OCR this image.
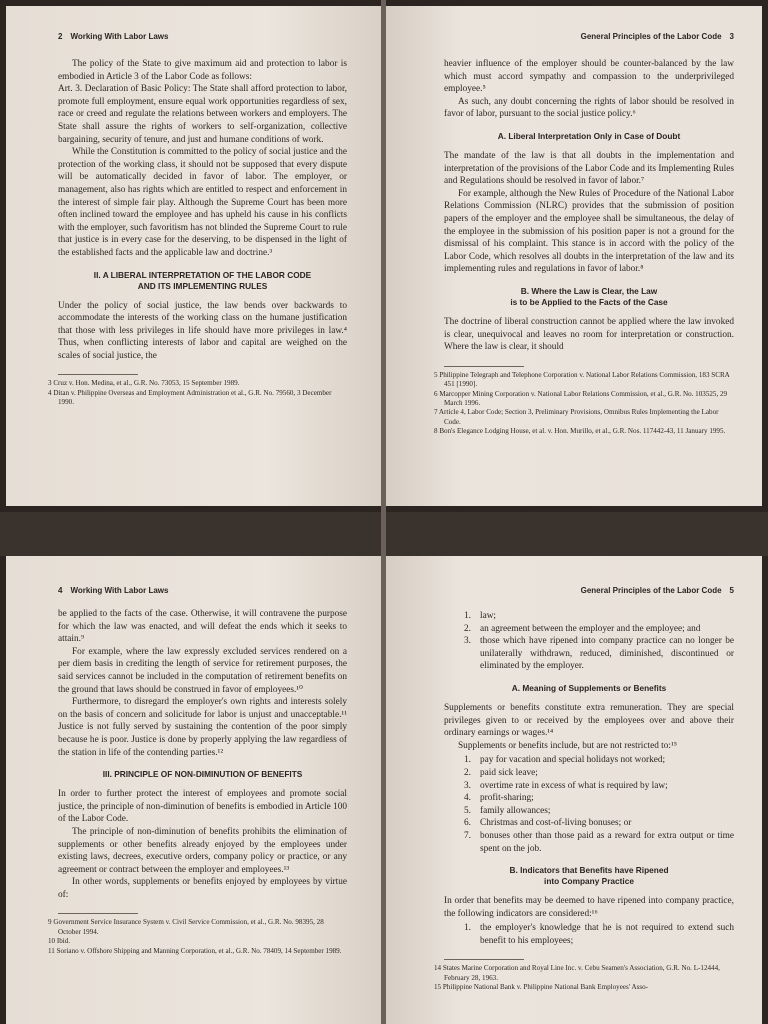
2 Working With Labor Laws

The policy of the State to give maximum aid and protection to labor is embodied in Article 3 of the Labor Code as follows:

Art. 3. Declaration of Basic Policy: The State shall afford protection to labor, promote full employment, ensure equal work opportunities regardless of sex, race or creed and regulate the relations between workers and employers. The State shall assure the rights of workers to self-organization, collective bargaining, security of tenure, and just and humane conditions of work.

While the Constitution is committed to the policy of social justice and the protection of the working class, it should not be supposed that every dispute will be automatically decided in favor of labor. The employer, or management, also has rights which are entitled to respect and enforcement in the interest of simple fair play. Although the Supreme Court has been more often inclined toward the employee and has upheld his cause in his conflicts with the employer, such favoritism has not blinded the Supreme Court to rule that justice is in every case for the deserving, to be dispensed in the light of the established facts and the applicable law and doctrine.³

II. A LIBERAL INTERPRETATION OF THE LABOR CODE
AND ITS IMPLEMENTING RULES

Under the policy of social justice, the law bends over backwards to accommodate the interests of the working class on the humane justification that those with less privileges in life should have more privileges in law.⁴ Thus, when conflicting interests of labor and capital are weighed on the scales of social justice, the

3 Cruz v. Hon. Medina, et al., G.R. No. 73053, 15 September 1989.

4 Ditan v. Philippine Overseas and Employment Administration et al., G.R. No. 79560, 3 December 1990.

General Principles of the Labor Code 3

heavier influence of the employer should be counter-balanced by the law which must accord sympathy and compassion to the underprivileged employee.⁵

As such, any doubt concerning the rights of labor should be resolved in favor of labor, pursuant to the social justice policy.⁶

A. Liberal Interpretation Only in Case of Doubt

The mandate of the law is that all doubts in the implementation and interpretation of the provisions of the Labor Code and its Implementing Rules and Regulations should be resolved in favor of labor.⁷

For example, although the New Rules of Procedure of the National Labor Relations Commission (NLRC) provides that the submission of position papers of the employer and the employee shall be simultaneous, the delay of the employee in the submission of his position paper is not a ground for the dismissal of his complaint. This stance is in accord with the policy of the Labor Code, which resolves all doubts in the interpretation of the law and its implementing rules and regulations in favor of labor.⁸

B. Where the Law is Clear, the Law
is to be Applied to the Facts of the Case

The doctrine of liberal construction cannot be applied where the law invoked is clear, unequivocal and leaves no room for interpretation or construction. Where the law is clear, it should

5 Philippine Telegraph and Telephone Corporation v. National Labor Relations Commission, 183 SCRA 451 [1990].

6 Marcopper Mining Corporation v. National Labor Relations Commission, et al., G.R. No. 103525, 29 March 1996.

7 Article 4, Labor Code; Section 3, Preliminary Provisions, Omnibus Rules Implementing the Labor Code.

8 Bon's Elegance Lodging House, et al. v. Hon. Murillo, et al., G.R. Nos. 117442-43, 11 January 1995.

4 Working With Labor Laws

be applied to the facts of the case. Otherwise, it will contravene the purpose for which the law was enacted, and will defeat the ends which it seeks to attain.⁹

For example, where the law expressly excluded services rendered on a per diem basis in crediting the length of service for retirement purposes, the said services cannot be included in the computation of retirement benefits on the ground that laws should be construed in favor of employees.¹⁰

Furthermore, to disregard the employer's own rights and interests solely on the basis of concern and solicitude for labor is unjust and unacceptable.¹¹ Justice is not fully served by sustaining the contention of the poor simply because he is poor. Justice is done by properly applying the law regardless of the station in life of the contending parties.¹²

III. PRINCIPLE OF NON-DIMINUTION OF BENEFITS

In order to further protect the interest of employees and promote social justice, the principle of non-diminution of benefits is embodied in Article 100 of the Labor Code.

The principle of non-diminution of benefits prohibits the elimination of supplements or other benefits already enjoyed by the employees under existing laws, decrees, executive orders, company policy or practice, or any agreement or contract between the employer and employees.¹³

In other words, supplements or benefits enjoyed by employees by virtue of:

9 Government Service Insurance System v. Civil Service Commission, et al., G.R. No. 98395, 28 October 1994.

10 Ibid.

11 Soriano v. Offshore Shipping and Manning Corporation, et al., G.R. No. 78409, 14 September 1989.

General Principles of the Labor Code 5
1. law;
2. an agreement between the employer and the employee; and
3. those which have ripened into company practice can no longer be unilaterally withdrawn, reduced, diminished, discontinued or eliminated by the employer.
A. Meaning of Supplements or Benefits

Supplements or benefits constitute extra remuneration. They are special privileges given to or received by the employees over and above their ordinary earnings or wages.¹⁴

Supplements or benefits include, but are not restricted to:¹⁵

1. pay for vacation and special holidays not worked;
2. paid sick leave;
3. overtime rate in excess of what is required by law;
4. profit-sharing;
5. family allowances;
6. Christmas and cost-of-living bonuses; or
7. bonuses other than those paid as a reward for extra output or time spent on the job.
B. Indicators that Benefits have Ripened
into Company Practice

In order that benefits may be deemed to have ripened into company practice, the following indicators are considered:¹⁶

1. the employer's knowledge that he is not required to extend such benefit to his employees;

14 States Marine Corporation and Royal Line Inc. v. Cebu Seamen's Association, G.R. No. L-12444, February 28, 1963.

15 Philippine National Bank v. Philippine National Bank Employees' Asso-
